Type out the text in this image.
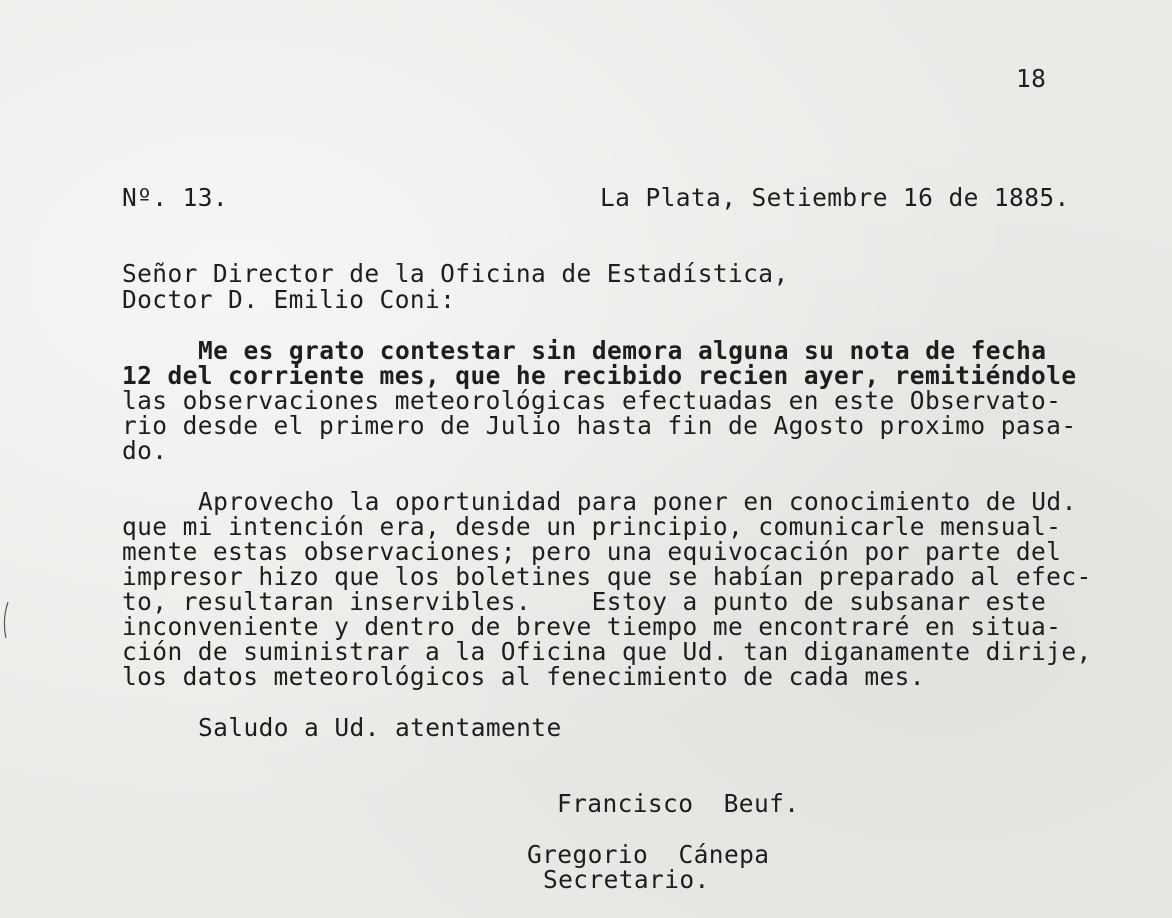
18
Nº. 13.	La Plata, Setiembre 16 de 1885.
Señor Director de la Oficina de Estadística,
Doctor D. Emilio Coni:
Me es grato contestar sin demora alguna su nota de fecha
12 del corriente mes, que he recibido recien ayer, remitiéndole
las observaciones meteorológicas efectuadas en este Observato-
rio desde el primero de Julio hasta fin de Agosto proximo pasa-
do.
Aprovecho la oportunidad para poner en conocimiento de Ud.
que mi intención era, desde un principio, comunicarle mensual-
mente estas observaciones; pero una equivocación por parte del
impresor hizo que los boletines que se habían preparado al efec-
to, resultaran inservibles.    Estoy a punto de subsanar este
inconveniente y dentro de breve tiempo me encontraré en situa-
ción de suministrar a la Oficina que Ud. tan diganamente dirije,
los datos meteorológicos al fenecimiento de cada mes.
Saludo a Ud. atentamente
Francisco  Beuf.
Gregorio  Cánepa
Secretario.
